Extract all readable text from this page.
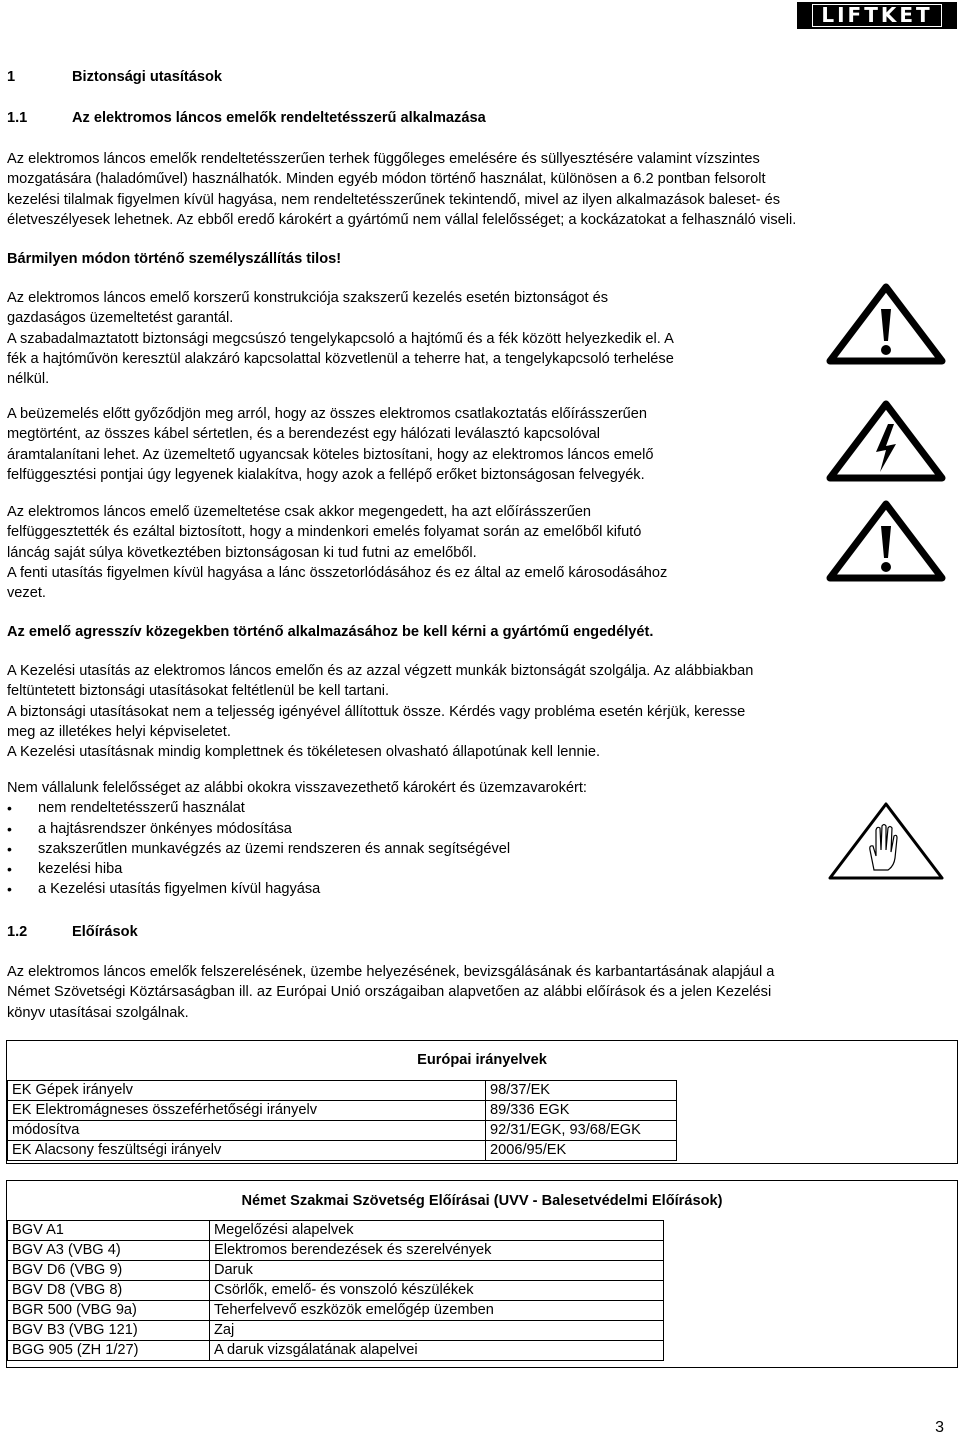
LIFTKET
1	Biztonsági utasítások
1.1	Az elektromos láncos emelők rendeltetésszerű alkalmazása

Az elektromos láncos emelők rendeltetésszerűen terhek függőleges emelésére és süllyesztésére valamint vízszintes

mozgatására (haladóművel) használhatók. Minden egyéb módon történő használat, különösen a 6.2 pontban felsorolt

kezelési tilalmak figyelmen kívül hagyása, nem rendeltetésszerűnek tekintendő, mivel az ilyen alkalmazások baleset- és

életveszélyesek lehetnek. Az ebből eredő károkért a gyártómű nem vállal felelősséget; a kockázatokat a felhasználó viseli.

Bármilyen módon történő személyszállítás tilos!

Az elektromos láncos emelő korszerű konstrukciója szakszerű kezelés esetén biztonságot és

gazdaságos üzemeltetést garantál.

A szabadalmaztatott biztonsági megcsúszó tengelykapcsoló a hajtómű és a fék között helyezkedik el. A

fék a hajtóművön keresztül alakzáró kapcsolattal közvetlenül a teherre hat, a tengelykapcsoló terhelése

nélkül.

A beüzemelés előtt győződjön meg arról, hogy az összes elektromos csatlakoztatás előírásszerűen

megtörtént, az összes kábel sértetlen, és a berendezést egy hálózati leválasztó kapcsolóval

áramtalanítani lehet. Az üzemeltető ugyancsak köteles biztosítani, hogy az elektromos láncos emelő

felfüggesztési pontjai úgy legyenek kialakítva, hogy azok a fellépő erőket biztonságosan felvegyék.

Az elektromos láncos emelő üzemeltetése csak akkor megengedett, ha azt előírásszerűen

felfüggesztették és ezáltal biztosított, hogy a mindenkori emelés folyamat során az emelőből kifutó

láncág saját súlya következtében biztonságosan ki tud futni az emelőből.

A fenti utasítás figyelmen kívül hagyása a lánc összetorlódásához és ez által az emelő károsodásához

vezet.

Az emelő agresszív közegekben történő alkalmazásához be kell kérni a gyártómű engedélyét.

A Kezelési utasítás az elektromos láncos emelőn és az azzal végzett munkák biztonságát szolgálja. Az alábbiakban

feltüntetett biztonsági utasításokat feltétlenül be kell tartani.

A biztonsági utasításokat nem a teljesség igényével állítottuk össze. Kérdés vagy probléma esetén kérjük, keresse

meg az illetékes helyi képviseletet.

A Kezelési utasításnak mindig komplettnek és tökéletesen olvasható állapotúnak kell lennie.

Nem vállalunk felelősséget az alábbi okokra visszavezethető károkért és üzemzavarokért:

• nem rendeltetésszerű használat
• a hajtásrendszer önkényes módosítása
• szakszerűtlen munkavégzés az üzemi rendszeren és annak segítségével
• kezelési hiba
• a Kezelési utasítás figyelmen kívül hagyása
1.2	Előírások

Az elektromos láncos emelők felszerelésének, üzembe helyezésének, bevizsgálásának és karbantartásának alapjául a

Német Szövetségi Köztársaságban ill. az Európai Unió országaiban alapvetően az alábbi előírások és a jelen Kezelési

könyv utasításai szolgálnak.

Európai irányelvek
EK Gépek irányelv	98/37/EK
EK Elektromágneses összeférhetőségi irányelv	89/336 EGK
módosítva	92/31/EGK, 93/68/EGK
EK Alacsony feszültségi irányelv	2006/95/EK
Német Szakmai Szövetség Előírásai (UVV - Balesetvédelmi Előírások)
BGV A1	Megelőzési alapelvek
BGV A3 (VBG 4)	Elektromos berendezések és szerelvények
BGV D6 (VBG 9)	Daruk
BGV D8 (VBG 8)	Csörlők, emelő- és vonszoló készülékek
BGR 500 (VBG 9a)	Teherfelvevő eszközök emelőgép üzemben
BGV B3 (VBG 121)	Zaj
BGG 905 (ZH 1/27)	A daruk vizsgálatának alapelvei
3
